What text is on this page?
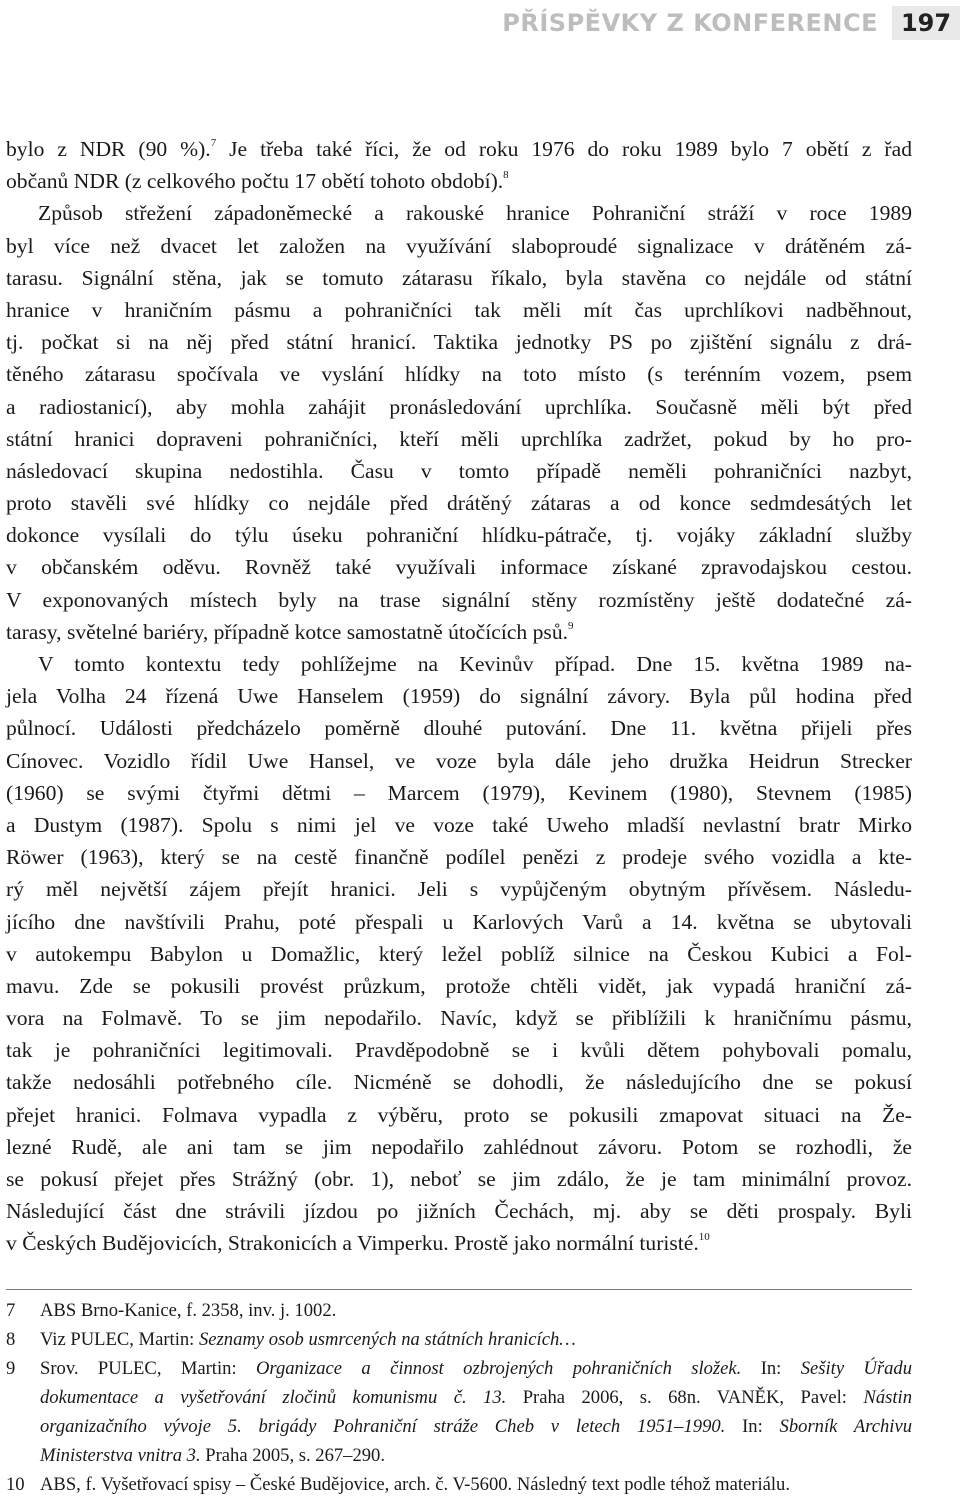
PŘÍSPĚVKY Z KONFERENCE 197
bylo z NDR (90 %).$^7$ Je třeba také říci, že od roku 1976 do roku 1989 bylo 7 obětí z řad
občanů NDR (z celkového počtu 17 obětí tohoto období).$^8$
Způsob střežení západoněmecké a rakouské hranice Pohraniční stráží v roce 1989
byl více než dvacet let založen na využívání slaboproudé signalizace v drátěném zá-
tarasu. Signální stěna, jak se tomuto zátarasu říkalo, byla stavěna co nejdále od státní
hranice v hraničním pásmu a pohraničníci tak měli mít čas uprchlíkovi nadběhnout,
tj. počkat si na něj před státní hranicí. Taktika jednotky PS po zjištění signálu z drá-
těného zátarasu spočívala ve vyslání hlídky na toto místo (s terénním vozem, psem
a radiostanicí), aby mohla zahájit pronásledování uprchlíka. Současně měli být před
státní hranici dopraveni pohraničníci, kteří měli uprchlíka zadržet, pokud by ho pro-
následovací skupina nedostihla. Času v tomto případě neměli pohraničníci nazbyt,
proto stavěli své hlídky co nejdále před drátěný zátaras a od konce sedmdesátých let
dokonce vysílali do týlu úseku pohraniční hlídku-pátrače, tj. vojáky základní služby
v občanském oděvu. Rovněž také využívali informace získané zpravodajskou cestou.
V exponovaných místech byly na trase signální stěny rozmístěny ještě dodatečné zá-
tarasy, světelné bariéry, případně kotce samostatně útočících psů.$^9$
V tomto kontextu tedy pohlížejme na Kevinův případ. Dne 15. května 1989 na-
jela Volha 24 řízená Uwe Hanselem (1959) do signální závory. Byla půl hodina před
půlnocí. Události předcházelo poměrně dlouhé putování. Dne 11. května přijeli přes
Cínovec. Vozidlo řídil Uwe Hansel, ve voze byla dále jeho družka Heidrun Strecker
(1960) se svými čtyřmi dětmi – Marcem (1979), Kevinem (1980), Stevnem (1985)
a Dustym (1987). Spolu s nimi jel ve voze také Uweho mladší nevlastní bratr Mirko
Röwer (1963), který se na cestě finančně podílel penězi z prodeje svého vozidla a kte-
rý měl největší zájem přejít hranici. Jeli s vypůjčeným obytným přívěsem. Následu-
jícího dne navštívili Prahu, poté přespali u Karlových Varů a 14. května se ubytovali
v autokempu Babylon u Domažlic, který ležel poblíž silnice na Českou Kubici a Fol-
mavu. Zde se pokusili provést průzkum, protože chtěli vidět, jak vypadá hraniční zá-
vora na Folmavě. To se jim nepodařilo. Navíc, když se přiblížili k hraničnímu pásmu,
tak je pohraničníci legitimovali. Pravděpodobně se i kvůli dětem pohybovali pomalu,
takže nedosáhli potřebného cíle. Nicméně se dohodli, že následujícího dne se pokusí
přejet hranici. Folmava vypadla z výběru, proto se pokusili zmapovat situaci na Že-
lezné Rudě, ale ani tam se jim nepodařilo zahlédnout závoru. Potom se rozhodli, že
se pokusí přejet přes Strážný (obr. 1), neboť se jim zdálo, že je tam minimální provoz.
Následující část dne strávili jízdou po jižních Čechách, mj. aby se děti prospaly. Byli
v Českých Budějovicích, Strakonicích a Vimperku. Prostě jako normální turisté.$^{10}$
7	ABS Brno-Kanice, f. 2358, inv. j. 1002.
8	Viz PULEC, Martin: Seznamy osob usmrcených na státních hranicích…
9	Srov. PULEC, Martin: Organizace a činnost ozbrojených pohraničních složek. In: Sešity Úřadu
dokumentace a vyšetřování zločinů komunismu č. 13. Praha 2006, s. 68n. VANĚK, Pavel: Nástin
organizačního vývoje 5. brigády Pohraniční stráže Cheb v letech 1951–1990. In: Sborník Archivu
Ministerstva vnitra 3. Praha 2005, s. 267–290.
10 ABS, f. Vyšetřovací spisy – České Budějovice, arch. č. V-5600. Následný text podle téhož materiálu.
